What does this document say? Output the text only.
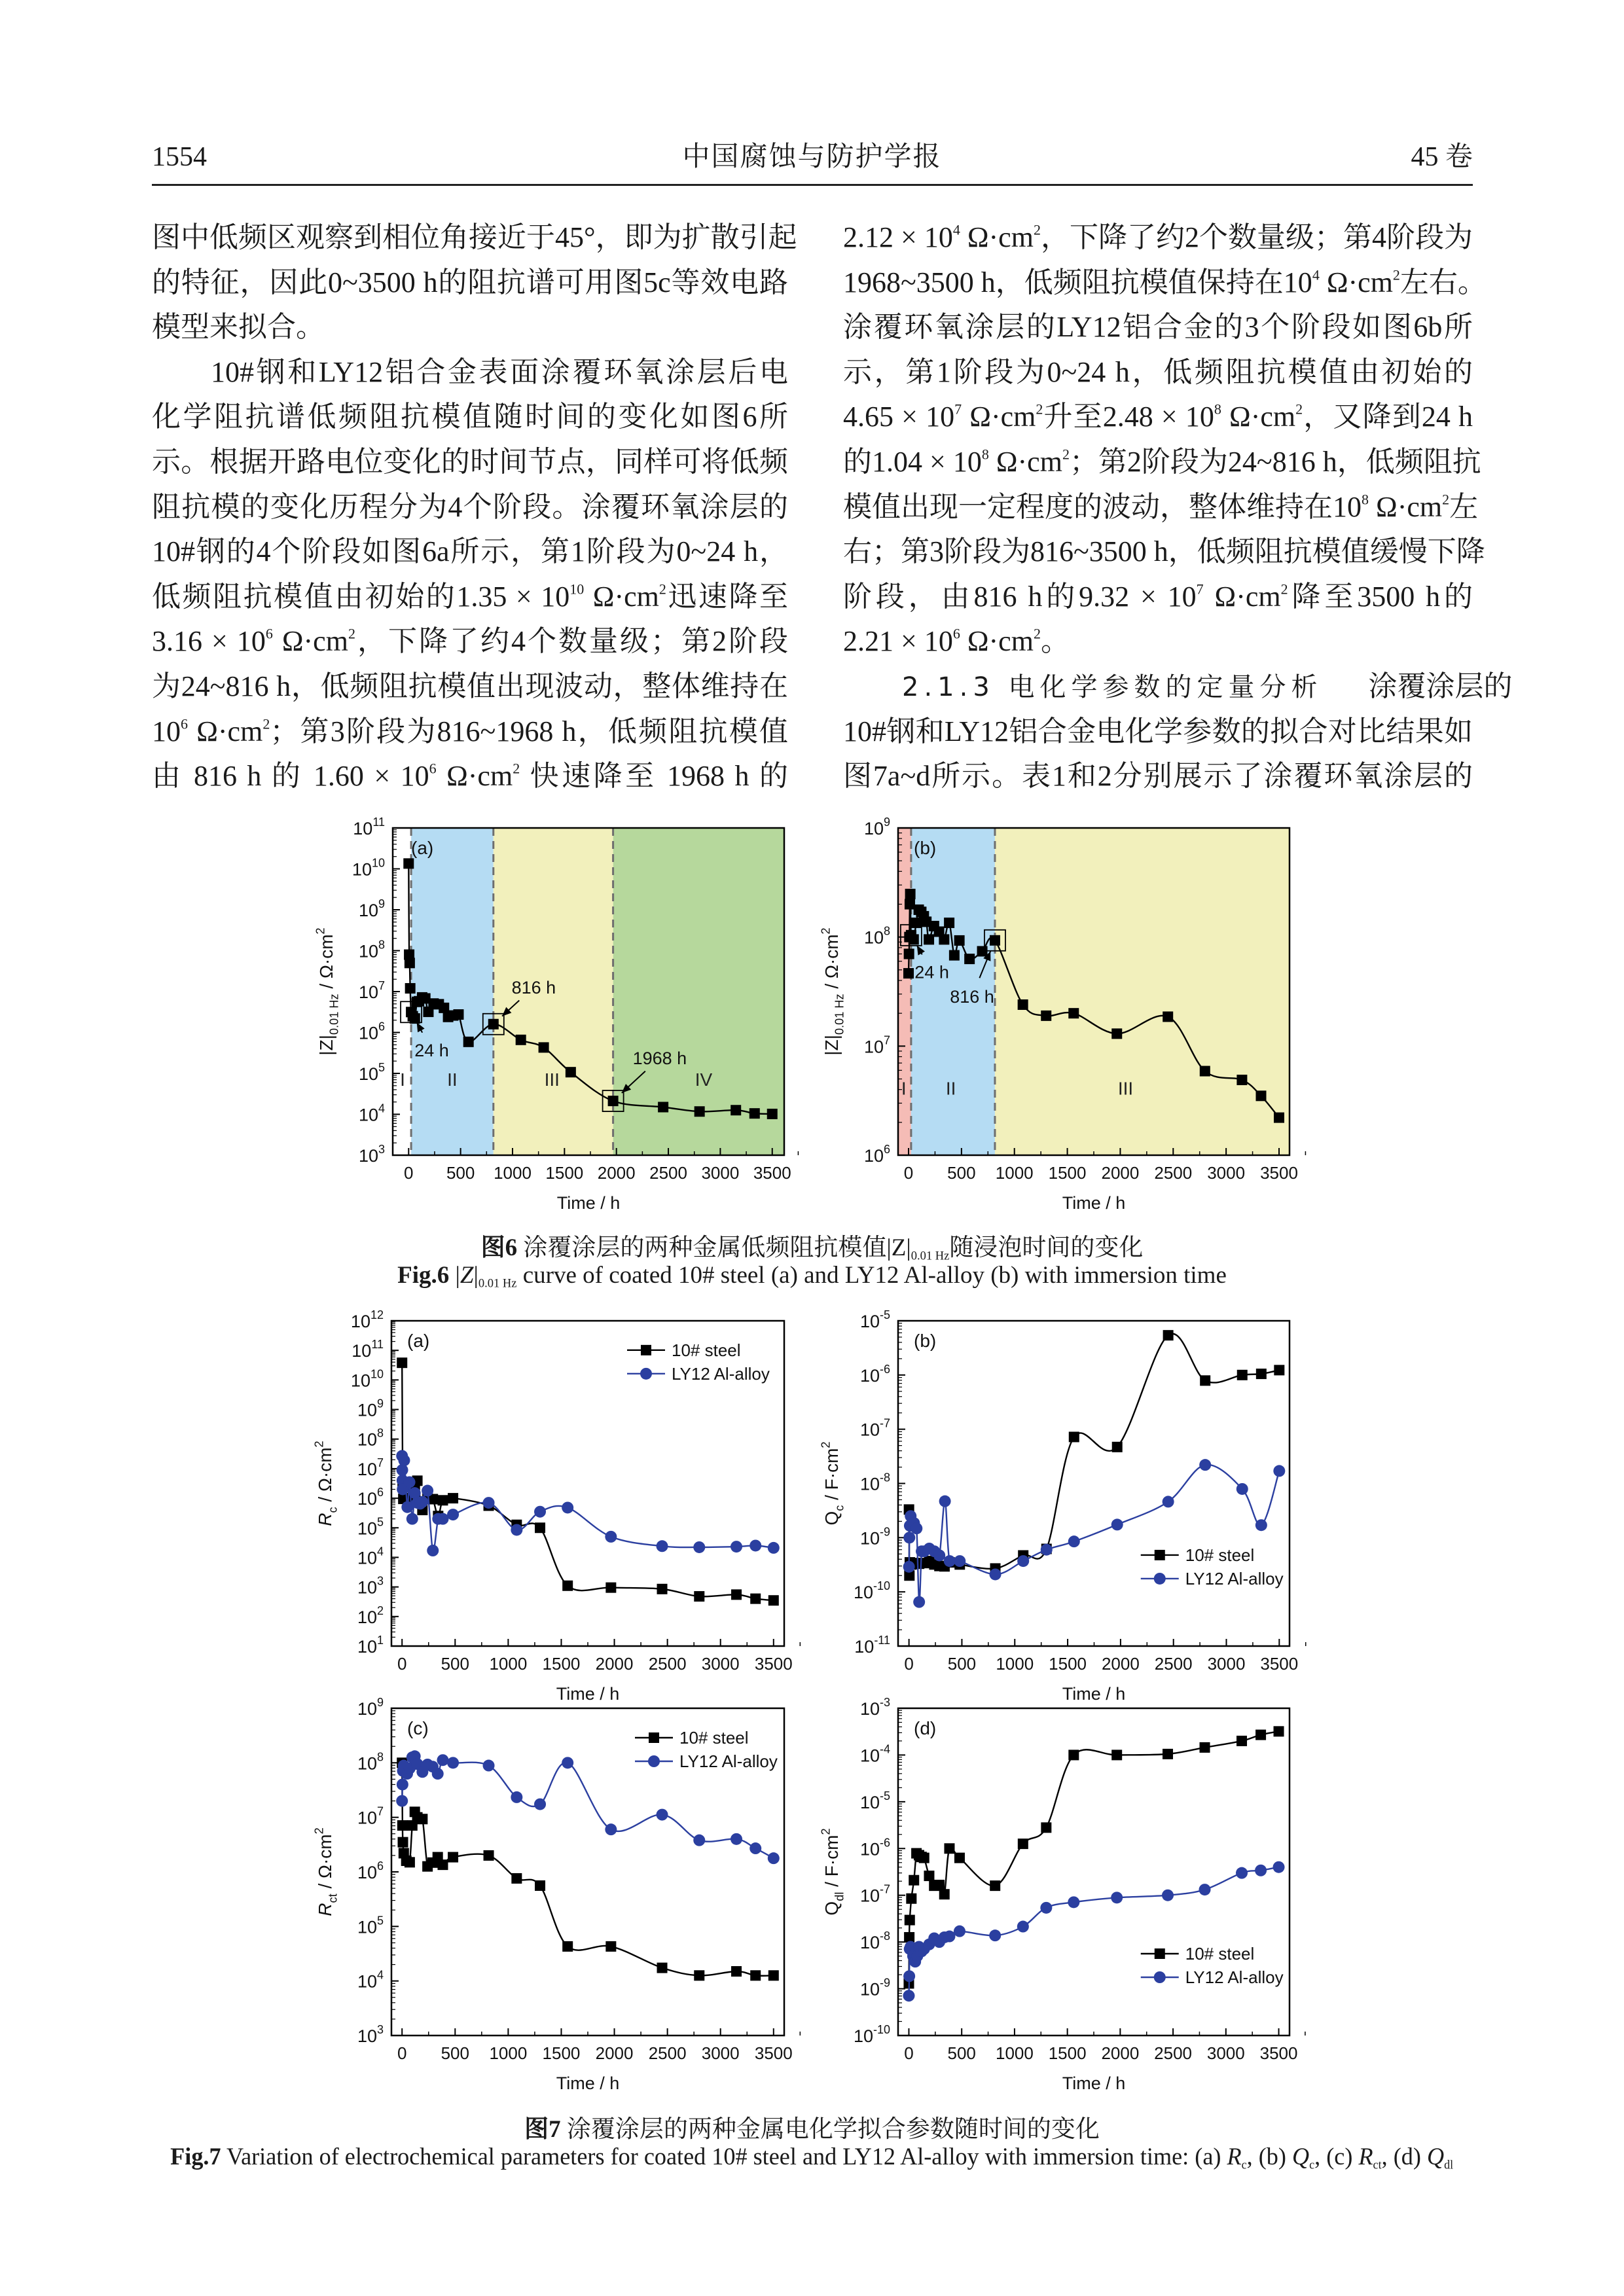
1554	中国腐蚀与防护学报	45 卷
图中低频区观察到相位角接近于45°，即为扩散引起
的特征，因此0~3500 h的阻抗谱可用图5c等效电路
模型来拟合。
10#钢和LY12铝合金表面涂覆环氧涂层后电
化学阻抗谱低频阻抗模值随时间的变化如图6所
示。根据开路电位变化的时间节点，同样可将低频
阻抗模的变化历程分为4个阶段。涂覆环氧涂层的
10#钢的4个阶段如图6a所示，第1阶段为0~24 h，
低频阻抗模值由初始的$1.35 \times 10^{10}$ $\Omega\cdot cm^2$迅速降至
$3.16 \times 10^6$ $\Omega\cdot cm^2$，下降了约4个数量级；第2阶段
为24~816 h，低频阻抗模值出现波动，整体维持在
$10^6$ $\Omega\cdot cm^2$；第3阶段为816~1968 h，低频阻抗模值
由 816 h 的 $1.60 \times 10^6$ $\Omega\cdot cm^2$ 快速降至 1968 h 的
$2.12 \times 10^4$ $\Omega\cdot cm^2$，下降了约2个数量级；第4阶段为
1968~3500 h，低频阻抗模值保持在$10^4$ $\Omega\cdot cm^2$左右。
涂覆环氧涂层的LY12铝合金的3个阶段如图6b所
示，第1阶段为0~24 h，低频阻抗模值由初始的
$4.65 \times 10^7$ $\Omega\cdot cm^2$升至$2.48 \times 10^8$ $\Omega\cdot cm^2$，又降到24 h
的$1.04 \times 10^8$ $\Omega\cdot cm^2$；第2阶段为24~816 h，低频阻抗
模值出现一定程度的波动，整体维持在$10^8$ $\Omega\cdot cm^2$左
右；第3阶段为816~3500 h，低频阻抗模值缓慢下降
阶段，由816 h的$9.32 \times 10^7$ $\Omega\cdot cm^2$降至3500 h的
$2.21 \times 10^6$ $\Omega\cdot cm^2$。
2.1.3 电化学参数的定量分析 涂覆涂层的
10#钢和LY12铝合金电化学参数的拟合对比结果如
图7a~d所示。表1和2分别展示了涂覆环氧涂层的
I II	III	IV
0 500 1000 1500 2000 2500 3000 3500
$10^3$
$10^4$
$10^5$
$10^6$
$10^7$
$10^8$
$10^9$
$10^{10}$
$10^{11}$
(a)
Time / h
$|Z|_{0.01 Hz} / \Omega\cdot cm^2$
24 h
816 h
1968 h
I II	III
0 500 1000 1500 2000 2500 3000 3500
$10^6$
$10^7$
$10^8$
$10^9$
(b)
Time / h
$|Z|_{0.01 Hz} / \Omega\cdot cm^2$
24 h
816 h
0 500 1000 1500 2000 2500 3000 3500
$10^1$
$10^2$
$10^3$
$10^4$
$10^5$
$10^6$
$10^7$
$10^8$
$10^9$
$10^{10}$
$10^{11}$
$10^{12}$
(a)
Time / h
$R_c / \Omega\cdot cm^2$
10# steel
LY12 Al-alloy
0 500 1000 1500 2000 2500 3000 3500
$10^{-11}$
$10^{-10}$
$10^{-9}$
$10^{-8}$
$10^{-7}$
$10^{-6}$
$10^{-5}$
(b)
Time / h
$Q_c / F\cdot cm^2$
10# steel
LY12 Al-alloy
0 500 1000 1500 2000 2500 3000 3500
$10^3$
$10^4$
$10^5$
$10^6$
$10^7$
$10^8$
$10^9$
(c)
Time / h
$R_{ct} / \Omega\cdot cm^2$
10# steel
LY12 Al-alloy
0 500 1000 1500 2000 2500 3000 3500
$10^{-10}$
$10^{-9}$
$10^{-8}$
$10^{-7}$
$10^{-6}$
$10^{-5}$
$10^{-4}$
$10^{-3}$
(d)
Time / h
$Q_{dl} / F\cdot cm^2$
10# steel
LY12 Al-alloy
图6 涂覆涂层的两种金属低频阻抗模值$|Z|_{0.01 Hz}$随浸泡时间的变化
Fig.6 $|Z|_{0.01 Hz}$ curve of coated 10# steel (a) and LY12 Al-alloy (b) with immersion time
图7 涂覆涂层的两种金属电化学拟合参数随时间的变化
Fig.7 Variation of electrochemical parameters for coated 10# steel and LY12 Al-alloy with immersion time: (a) $R_c$, (b) $Q_c$, (c) $R_{ct}$, (d) $Q_{dl}$
